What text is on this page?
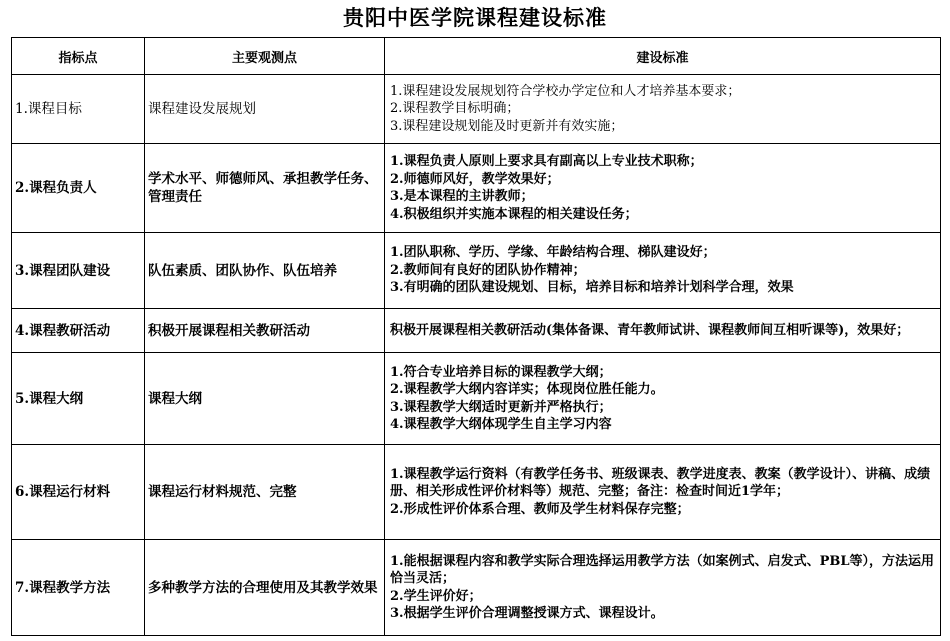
贵阳中医学院课程建设标准
指标点	主要观测点	建设标准
1.课程目标	课程建设发展规划	1.课程建设发展规划符合学校办学定位和人才培养基本要求；
2.课程教学目标明确；
3.课程建设规划能及时更新并有效实施；

2.课程负责人	学术水平、师德师风、承担教学任务、管理责任	1.课程负责人原则上要求具有副高以上专业技术职称；
2.师德师风好，教学效果好；
3.是本课程的主讲教师；
4.积极组织并实施本课程的相关建设任务；

3.课程团队建设	队伍素质、团队协作、队伍培养	1.团队职称、学历、学缘、年龄结构合理、梯队建设好；
2.教师间有良好的团队协作精神；
3.有明确的团队建设规划、目标，培养目标和培养计划科学合理，效果

4.课程教研活动	积极开展课程相关教研活动	积极开展课程相关教研活动(集体备课、青年教师试讲、课程教师间互相听课等)，效果好；

5.课程大纲	课程大纲	1.符合专业培养目标的课程教学大纲；
2.课程教学大纲内容详实；体现岗位胜任能力。
3.课程教学大纲适时更新并严格执行；
4.课程教学大纲体现学生自主学习内容

6.课程运行材料	课程运行材料规范、完整	1.课程教学运行资料（有教学任务书、班级课表、教学进度表、教案（教学设计）、讲稿、成绩册、相关形成性评价材料等）规范、完整；备注：检查时间近1学年；
2.形成性评价体系合理、教师及学生材料保存完整；

7.课程教学方法	多种教学方法的合理使用及其教学效果	1.能根据课程内容和教学实际合理选择运用教学方法（如案例式、启发式、PBL等），方法运用恰当灵活；
2.学生评价好；
3.根据学生评价合理调整授课方式、课程设计。
